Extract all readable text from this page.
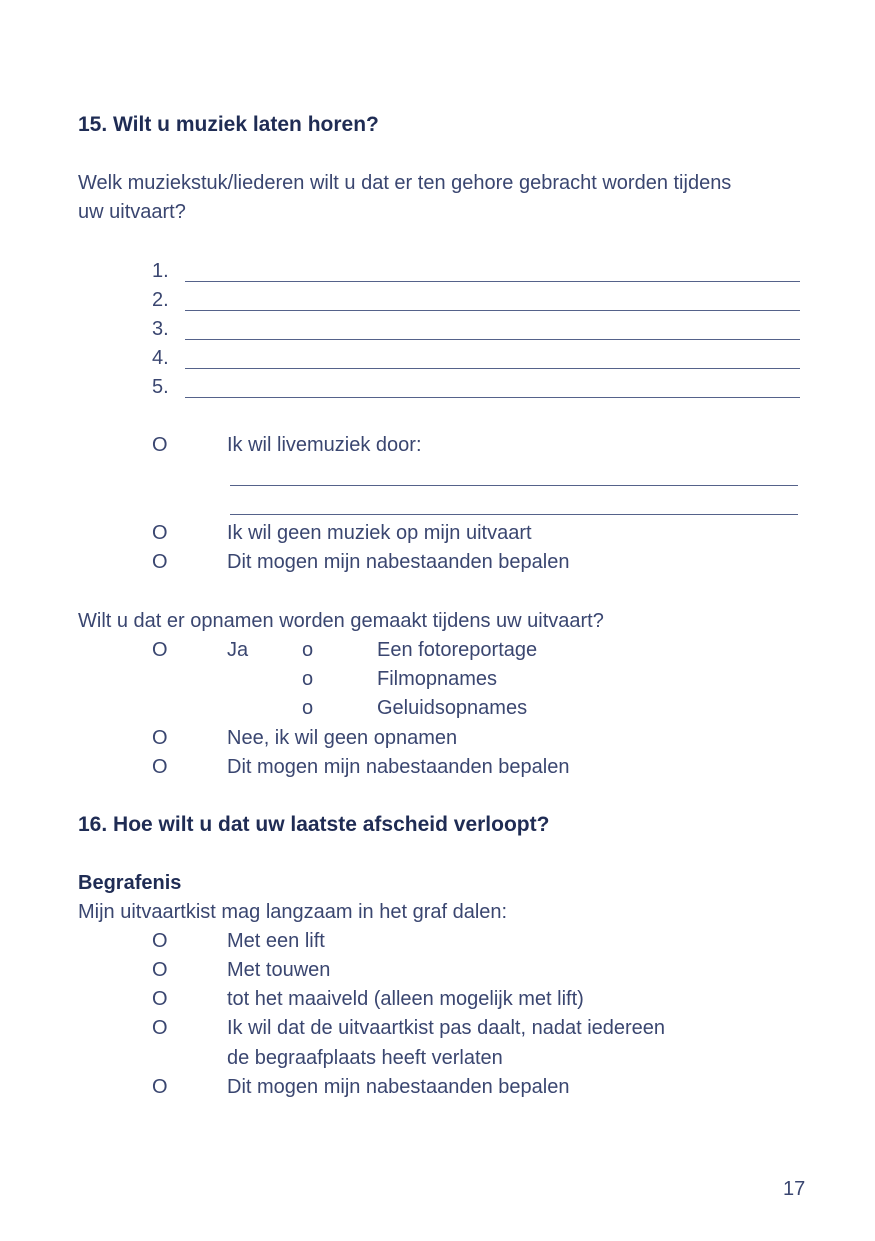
15. Wilt u muziek laten horen?
Welk muziekstuk/liederen wilt u dat er ten gehore gebracht worden tijdens
uw uitvaart?
1.
2.
3.
4.
5.
O	Ik wil livemuziek door:
O	Ik wil geen muziek op mijn uitvaart
O	Dit mogen mijn nabestaanden bepalen
Wilt u dat er opnamen worden gemaakt tijdens uw uitvaart?
O	Ja	o	Een fotoreportage
o	Filmopnames
o	Geluidsopnames
O	Nee, ik wil geen opnamen
O	Dit mogen mijn nabestaanden bepalen
16. Hoe wilt u dat uw laatste afscheid verloopt?
Begrafenis
Mijn uitvaartkist mag langzaam in het graf dalen:
O	Met een lift
O	Met touwen
O	tot het maaiveld (alleen mogelijk met lift)
O	Ik wil dat de uitvaartkist pas daalt, nadat iedereen
de begraafplaats heeft verlaten
O	Dit mogen mijn nabestaanden bepalen
17
